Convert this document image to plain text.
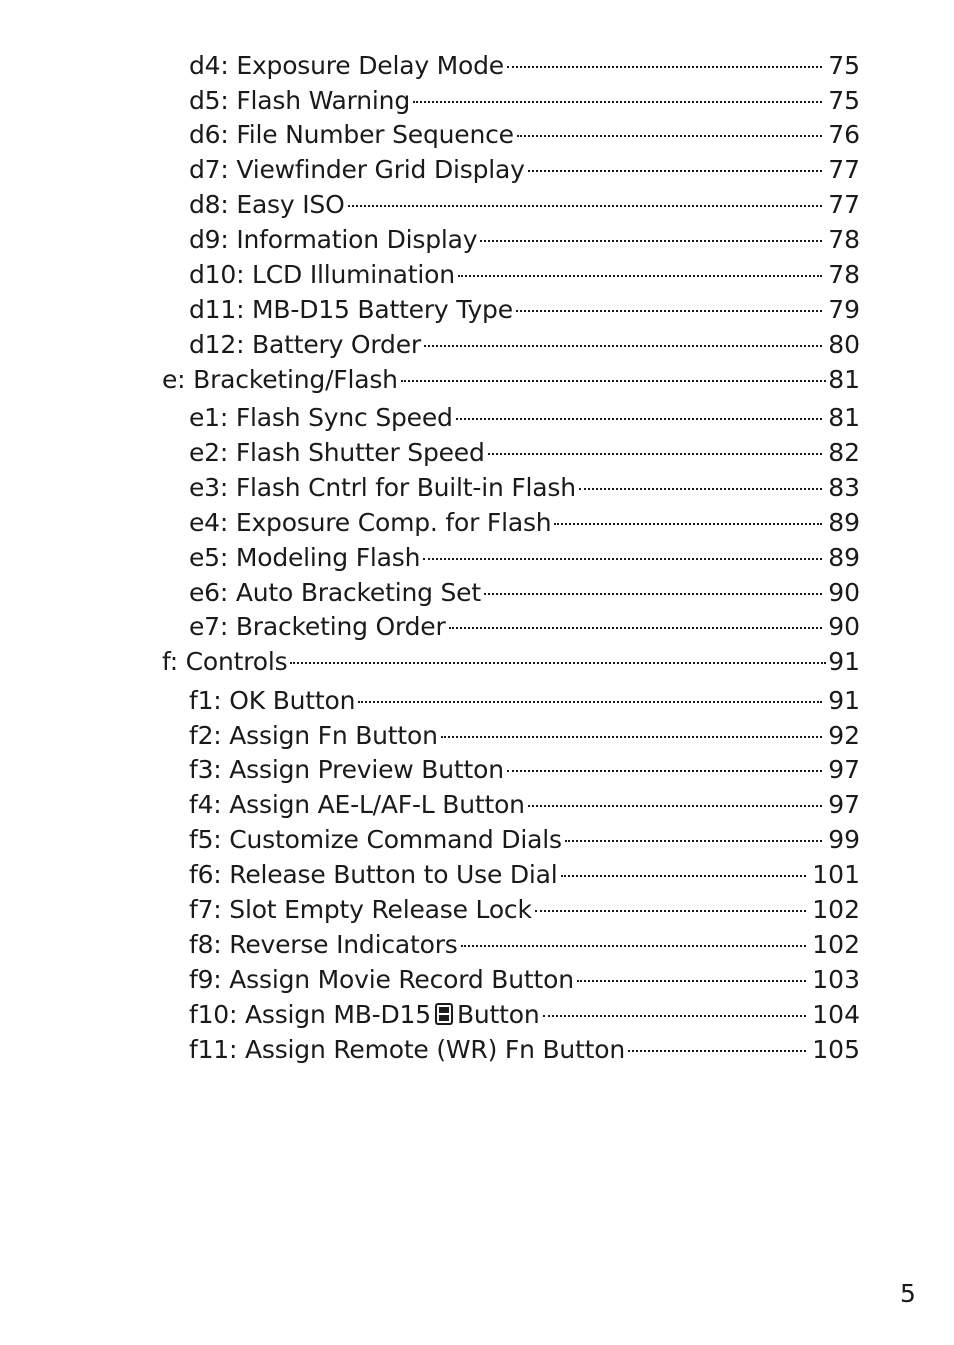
d4: Exposure Delay Mode	75
d5: Flash Warning	75
d6: File Number Sequence	76
d7: Viewfinder Grid Display	77
d8: Easy ISO	77
d9: Information Display	78
d10: LCD Illumination	78
d11: MB-D15 Battery Type	79
d12: Battery Order	80
e: Bracketing/Flash	81
e1: Flash Sync Speed	81
e2: Flash Shutter Speed	82
e3: Flash Cntrl for Built-in Flash	83
e4: Exposure Comp. for Flash	89
e5: Modeling Flash	89
e6: Auto Bracketing Set	90
e7: Bracketing Order	90
f: Controls	91
f1: OK Button	91
f2: Assign Fn Button	92
f3: Assign Preview Button	97
f4: Assign AE-L/AF-L Button	97
f5: Customize Command Dials	99
f6: Release Button to Use Dial	101
f7: Slot Empty Release Lock	102
f8: Reverse Indicators	102
f9: Assign Movie Record Button	103
f10: Assign MB-D15 Button	104
f11: Assign Remote (WR) Fn Button	105
5
